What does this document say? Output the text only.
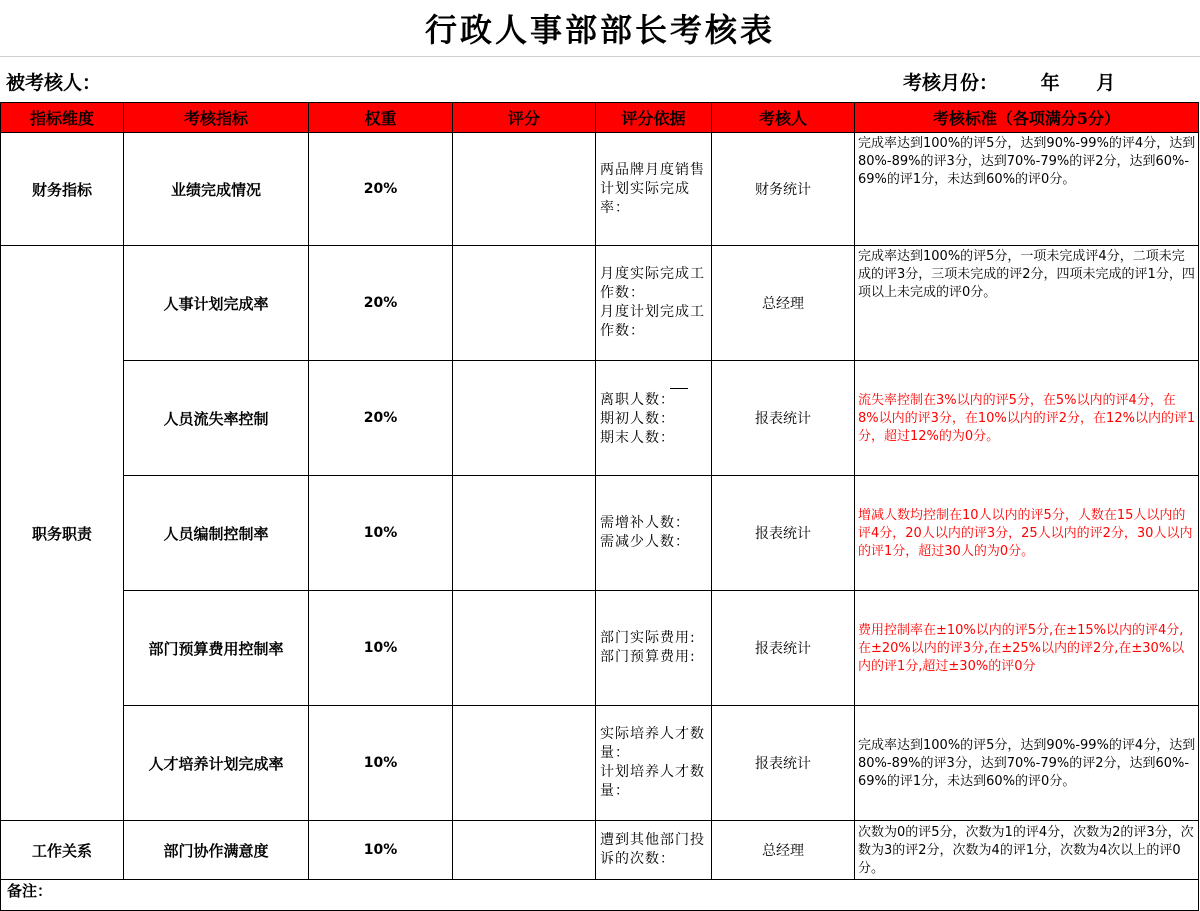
行政人事部部长考核表
被考核人：	考核月份： 年 月
指标维度	考核指标	权重	评分	评分依据	考核人	考核标准（各项满分5分）
财务指标	业绩完成情况	20%		两品牌月度销售计划实际完成率：	财务统计	完成率达到100%的评5分，达到90%-99%的评4分，达到80%-89%的评3分，达到70%-79%的评2分，达到60%-69%的评1分，未达到60%的评0分。
职务职责	人事计划完成率	20%		月度实际完成工作数：
月度计划完成工作数：	总经理	完成率达到100%的评5分，一项未完成评4分，二项未完成的评3分，三项未完成的评2分，四项未完成的评1分，四项以上未完成的评0分。
	人员流失率控制	20%		离职人数：
期初人数：
期末人数：	报表统计	流失率控制在3%以内的评5分，在5%以内的评4分，在8%以内的评3分，在10%以内的评2分，在12%以内的评1分，超过12%的为0分。
	人员编制控制率	10%		需增补人数：
需减少人数：	报表统计	增减人数均控制在10人以内的评5分，人数在15人以内的评4分，20人以内的评3分，25人以内的评2分，30人以内的评1分，超过30人的为0分。
	部门预算费用控制率	10%		部门实际费用:
部门预算费用:	报表统计	费用控制率在±10%以内的评5分,在±15%以内的评4分,在±20%以内的评3分,在±25%以内的评2分,在±30%以内的评1分,超过±30%的评0分
	人才培养计划完成率	10%		实际培养人才数量：
计划培养人才数量：	报表统计	完成率达到100%的评5分，达到90%-99%的评4分，达到80%-89%的评3分，达到70%-79%的评2分，达到60%-69%的评1分，未达到60%的评0分。
工作关系	部门协作满意度	10%		遭到其他部门投诉的次数：	总经理	次数为0的评5分，次数为1的评4分，次数为2的评3分，次数为3的评2分，次数为4的评1分，次数为4次以上的评0分。
备注：						
